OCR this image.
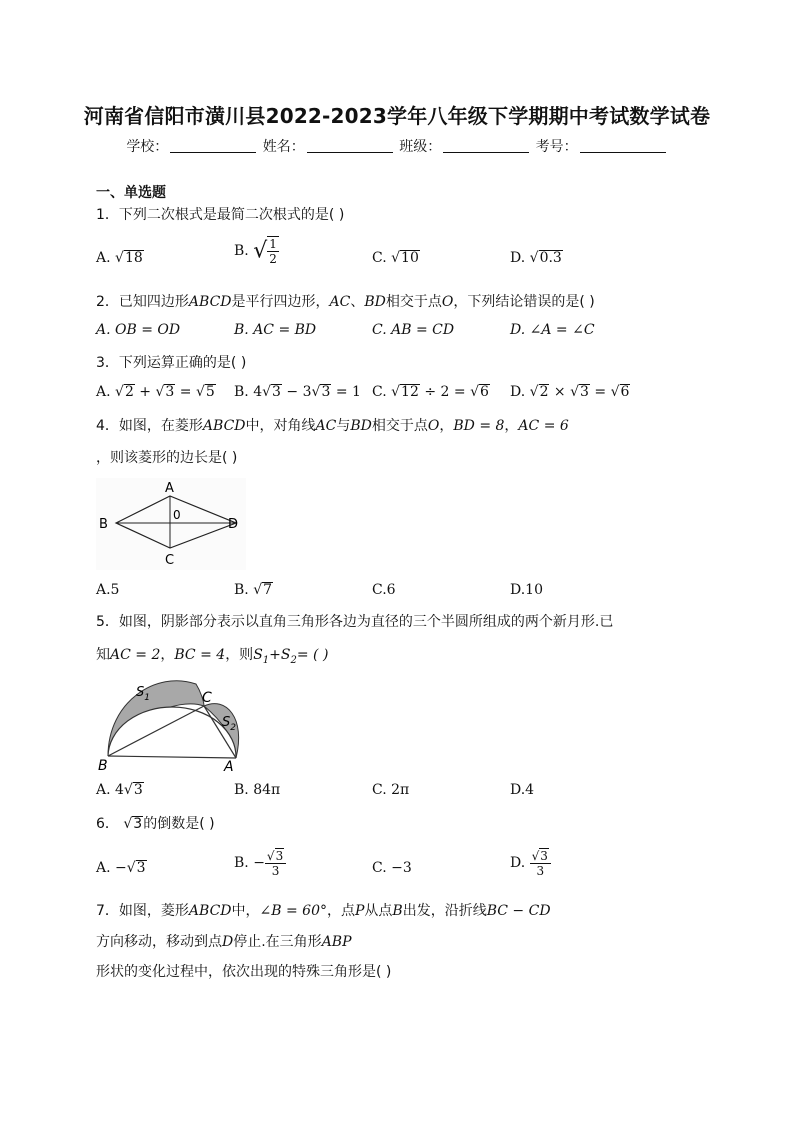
河南省信阳市潢川县2022-2023学年八年级下学期期中考试数学试卷
学校：	姓名：	班级：	考号：
一、单选题
1．下列二次根式是最简二次根式的是( )
A. √18	B. √ $\frac{1}{2}$	C. √10	D. √0.3
2．已知四边形ABCD是平行四边形，AC、BD相交于点O，下列结论错误的是( )
A. OB = OD	B. AC = BD	C. AB = CD	D. ∠A = ∠C
3．下列运算正确的是( )
A. √2 + √3 = √5 B. 4√3 − 3√3 = 1 C. √12 ÷ 2 = √6 D. √2 × √3 = √6
4．如图，在菱形ABCD中，对角线AC与BD相交于点O，BD = 8，AC = 6
，则该菱形的边长是( )
A
B
C
D
0
A.5	B. √7	C.6	D.10
5．如图，阴影部分表示以直角三角形各边为直径的三个半圆所组成的两个新月形.已
知AC = 2，BC = 4，则$S_1+S_2=$ ( )
B	A
C
$S_1$
$S_2$
A. 4√3	B. 84π	C. 2π	D.4
6． √3的倒数是( )
A. −√3	B. − $\frac{√3}{3}$	C. −3	D. $\frac{√3}{3}$
7．如图，菱形ABCD中，∠B = 60°，点P从点B出发，沿折线BC − CD
方向移动，移动到点D停止.在三角形ABP
形状的变化过程中，依次出现的特殊三角形是( )
